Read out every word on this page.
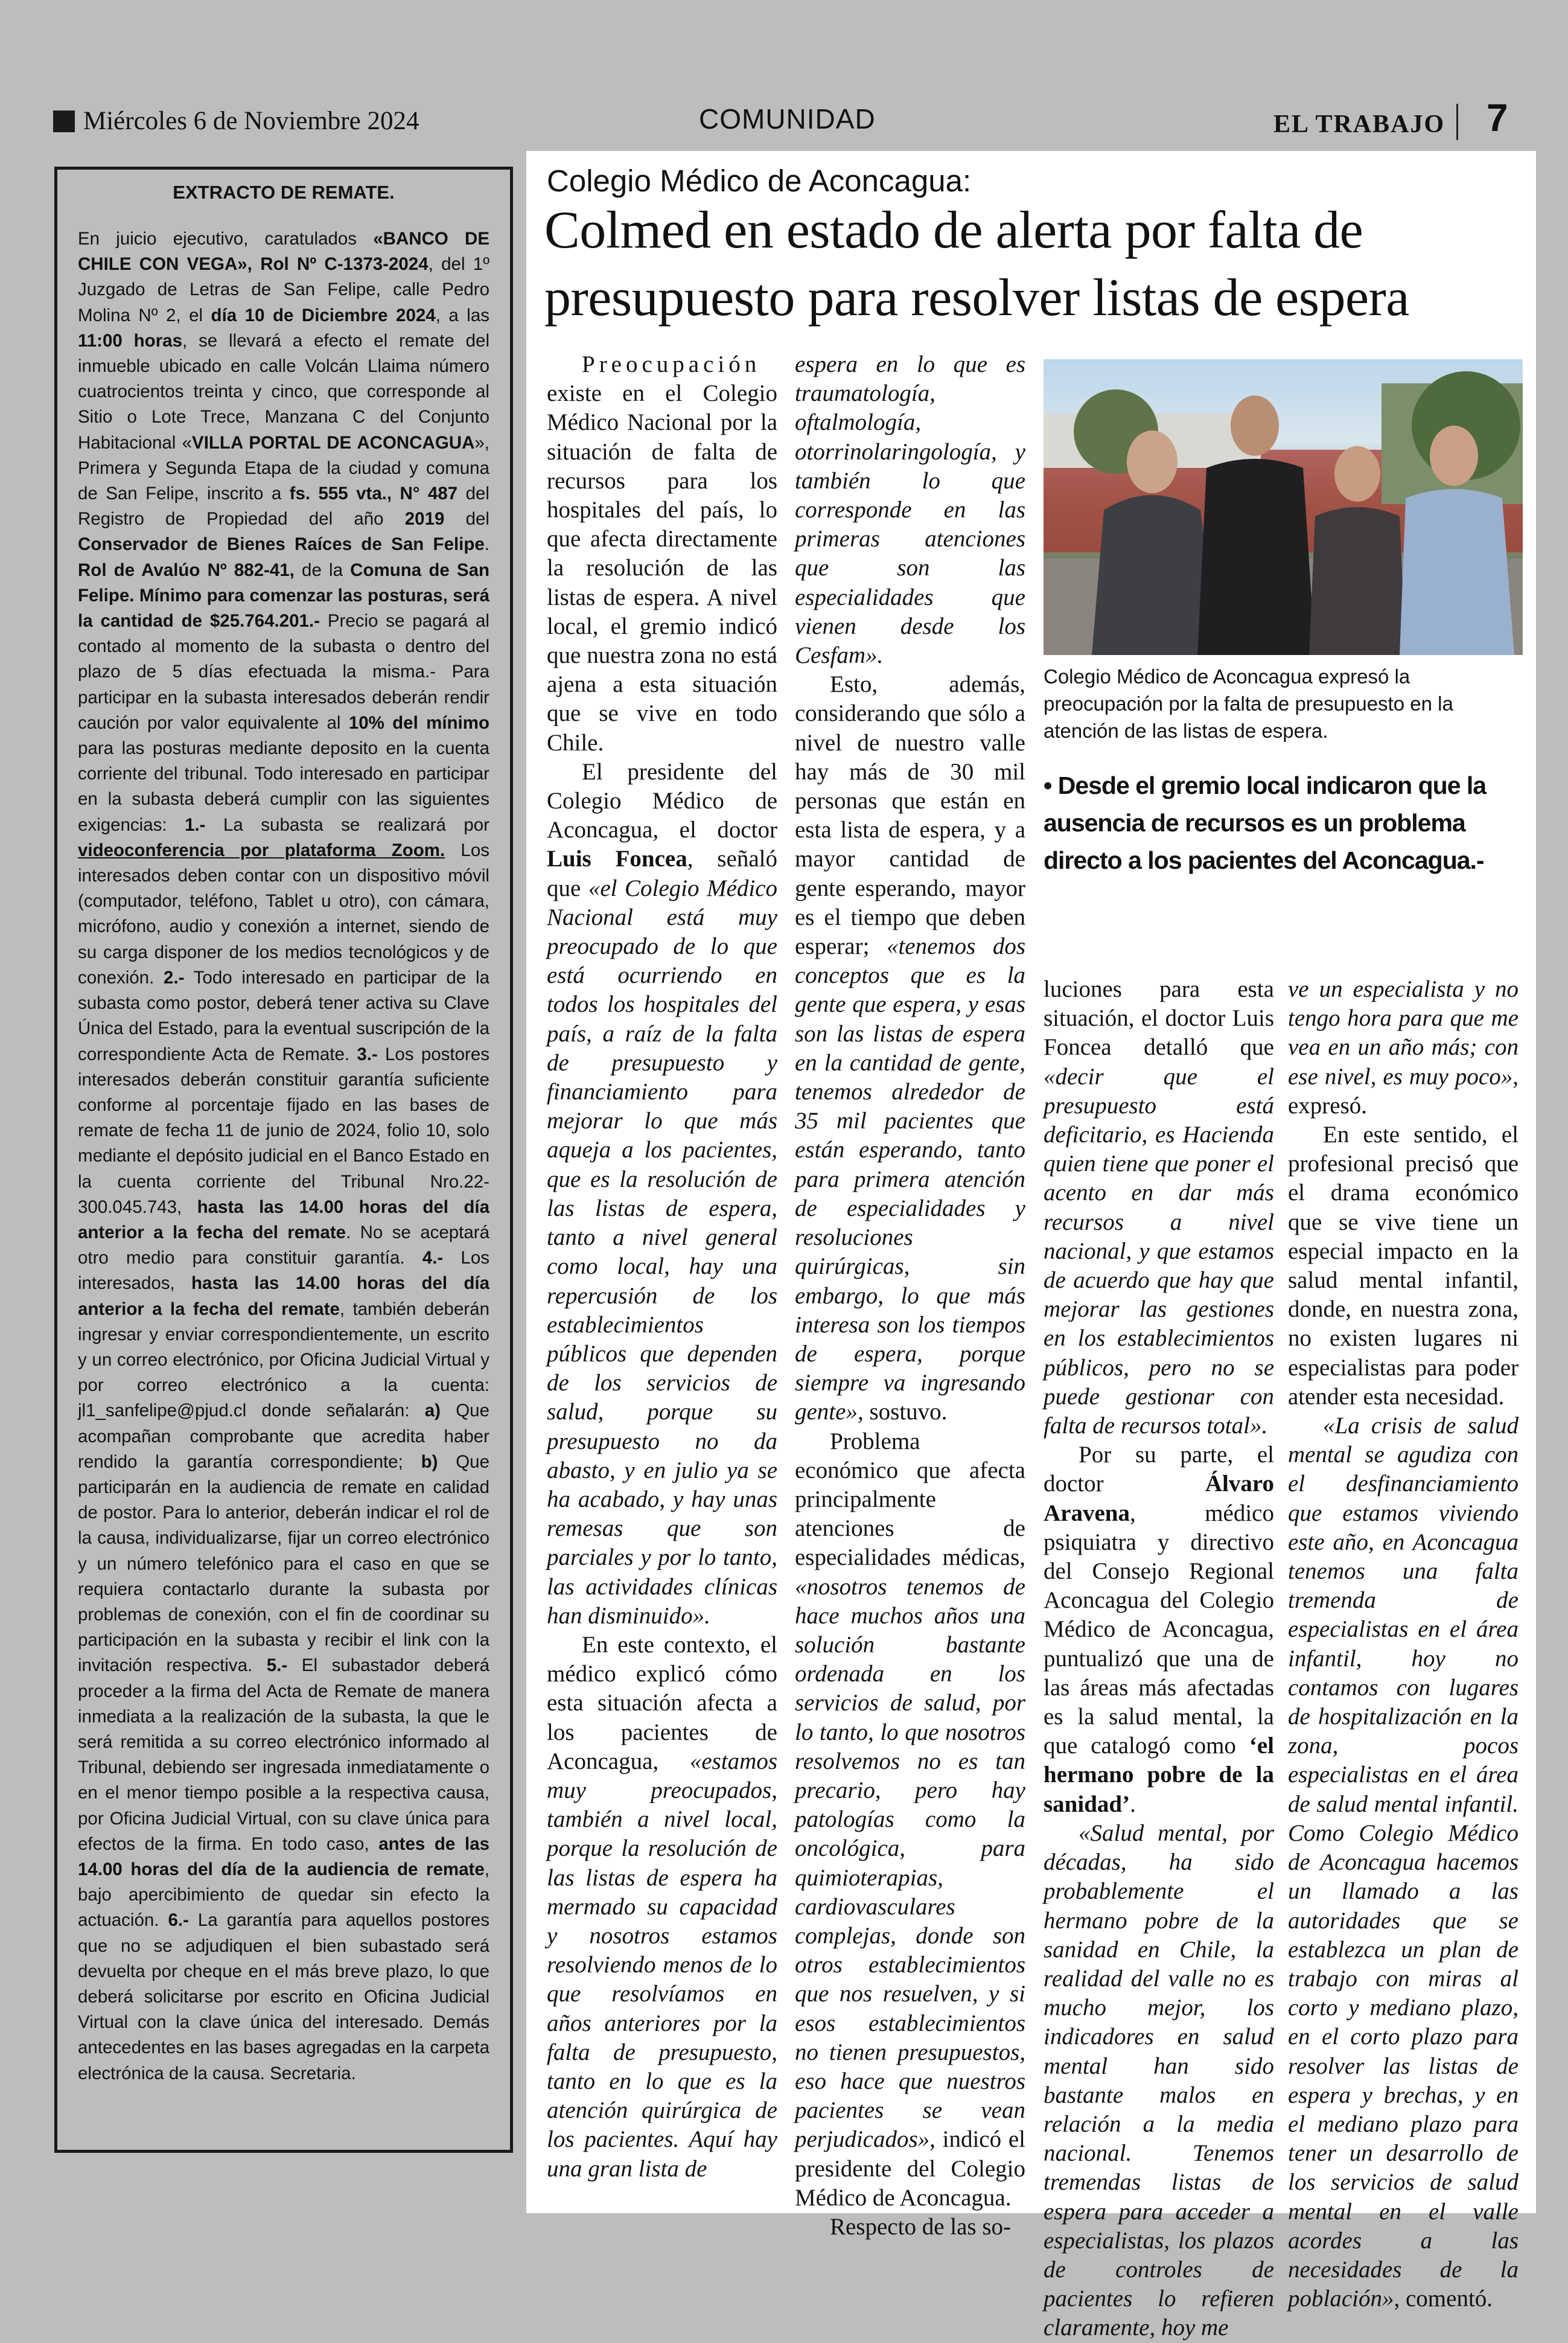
Miércoles 6 de Noviembre 2024	COMUNIDAD	EL TRABAJO 7
EXTRACTO DE REMATE.
En juicio ejecutivo, caratulados «BANCO DE CHILE CON VEGA», Rol Nº C-1373-2024, del 1º Juzgado de Letras de San Felipe, calle Pedro Molina Nº 2, el día 10 de Diciembre 2024, a las 11:00 horas, se llevará a efecto el remate del inmueble ubicado en calle Volcán Llaima número cuatrocientos treinta y cinco, que corresponde al Sitio o Lote Trece, Manzana C del Conjunto Habitacional «VILLA PORTAL DE ACONCAGUA», Primera y Segunda Etapa de la ciudad y comuna de San Felipe, inscrito a fs. 555 vta., N° 487 del Registro de Propiedad del año 2019 del Conservador de Bienes Raíces de San Felipe. Rol de Avalúo Nº 882-41, de la Comuna de San Felipe. Mínimo para comenzar las posturas, será la cantidad de $25.764.201.- Precio se pagará al contado al momento de la subasta o dentro del plazo de 5 días efectuada la misma.- Para participar en la subasta interesados deberán rendir caución por valor equivalente al 10% del mínimo para las posturas mediante deposito en la cuenta corriente del tribunal. Todo interesado en participar en la subasta deberá cumplir con las siguientes exigencias: 1.- La subasta se realizará por videoconferencia por plataforma Zoom. Los interesados deben contar con un dispositivo móvil (computador, teléfono, Tablet u otro), con cámara, micrófono, audio y conexión a internet, siendo de su carga disponer de los medios tecnológicos y de conexión. 2.- Todo interesado en participar de la subasta como postor, deberá tener activa su Clave Única del Estado, para la eventual suscripción de la correspondiente Acta de Remate. 3.- Los postores interesados deberán constituir garantía suficiente conforme al porcentaje fijado en las bases de remate de fecha 11 de junio de 2024, folio 10, solo mediante el depósito judicial en el Banco Estado en la cuenta corriente del Tribunal Nro.22-300.045.743, hasta las 14.00 horas del día anterior a la fecha del remate. No se aceptará otro medio para constituir garantía. 4.- Los interesados, hasta las 14.00 horas del día anterior a la fecha del remate, también deberán ingresar y enviar correspondientemente, un escrito y un correo electrónico, por Oficina Judicial Virtual y por correo electrónico a la cuenta: jl1_sanfelipe@pjud.cl donde señalarán: a) Que acompañan comprobante que acredita haber rendido la garantía correspondiente; b) Que participarán en la audiencia de remate en calidad de postor. Para lo anterior, deberán indicar el rol de la causa, individualizarse, fijar un correo electrónico y un número telefónico para el caso en que se requiera contactarlo durante la subasta por problemas de conexión, con el fin de coordinar su participación en la subasta y recibir el link con la invitación respectiva. 5.- El subastador deberá proceder a la firma del Acta de Remate de manera inmediata a la realización de la subasta, la que le será remitida a su correo electrónico informado al Tribunal, debiendo ser ingresada inmediatamente o en el menor tiempo posible a la respectiva causa, por Oficina Judicial Virtual, con su clave única para efectos de la firma. En todo caso, antes de las 14.00 horas del día de la audiencia de remate, bajo apercibimiento de quedar sin efecto la actuación. 6.- La garantía para aquellos postores que no se adjudiquen el bien subastado será devuelta por cheque en el más breve plazo, lo que deberá solicitarse por escrito en Oficina Judicial Virtual con la clave única del interesado. Demás antecedentes en las bases agregadas en la carpeta electrónica de la causa. Secretaria.
Colegio Médico de Aconcagua:
Colmed en estado de alerta por falta de presupuesto para resolver listas de espera

Preocupación existe en el Colegio Médico Nacional por la situación de falta de recursos para los hospitales del país, lo que afecta directamente la resolución de las listas de espera. A nivel local, el gremio indicó que nuestra zona no está ajena a esta situación que se vive en todo Chile.

El presidente del Colegio Médico de Aconcagua, el doctor Luis Foncea, señaló que «el Colegio Médico Nacional está muy preocupado de lo que está ocurriendo en todos los hospitales del país, a raíz de la falta de presupuesto y financiamiento para mejorar lo que más aqueja a los pacientes, que es la resolución de las listas de espera, tanto a nivel general como local, hay una repercusión de los establecimientos públicos que dependen de los servicios de salud, porque su presupuesto no da abasto, y en julio ya se ha acabado, y hay unas remesas que son parciales y por lo tanto, las actividades clínicas han disminuido».

En este contexto, el médico explicó cómo esta situación afecta a los pacientes de Aconcagua, «estamos muy preocupados, también a nivel local, porque la resolución de las listas de espera ha mermado su capacidad y nosotros estamos resolviendo menos de lo que resolvíamos en años anteriores por la falta de presupuesto, tanto en lo que es la atención quirúrgica de los pacientes. Aquí hay una gran lista de

espera en lo que es traumatología, oftalmología, otorrinolaringología, y también lo que corresponde en las primeras atenciones que son las especialidades que vienen desde los Cesfam».

Esto, además, considerando que sólo a nivel de nuestro valle hay más de 30 mil personas que están en esta lista de espera, y a mayor cantidad de gente esperando, mayor es el tiempo que deben esperar; «tenemos dos conceptos que es la gente que espera, y esas son las listas de espera en la cantidad de gente, tenemos alrededor de 35 mil pacientes que están esperando, tanto para primera atención de especialidades y resoluciones quirúrgicas, sin embargo, lo que más interesa son los tiempos de espera, porque siempre va ingresando gente», sostuvo.

Problema económico que afecta principalmente atenciones de especialidades médicas, «nosotros tenemos de hace muchos años una solución bastante ordenada en los servicios de salud, por lo tanto, lo que nosotros resolvemos no es tan precario, pero hay patologías como la oncológica, para quimioterapias, cardiovasculares complejas, donde son otros establecimientos que nos resuelven, y si esos establecimientos no tienen presupuestos, eso hace que nuestros pacientes se vean perjudicados», indicó el presidente del Colegio Médico de Aconcagua.

Respecto de las so-

Colegio Médico de Aconcagua expresó la preocupación por la falta de presupuesto en la atención de las listas de espera.
• Desde el gremio local indicaron que la ausencia de recursos es un problema directo a los pacientes del Aconcagua.-

luciones para esta situación, el doctor Luis Foncea detalló que «decir que el presupuesto está deficitario, es Hacienda quien tiene que poner el acento en dar más recursos a nivel nacional, y que estamos de acuerdo que hay que mejorar las gestiones en los establecimientos públicos, pero no se puede gestionar con falta de recursos total».

Por su parte, el doctor Álvaro Aravena, médico psiquiatra y directivo del Consejo Regional Aconcagua del Colegio Médico de Aconcagua, puntualizó que una de las áreas más afectadas es la salud mental, la que catalogó como ‘el hermano pobre de la sanidad’.

«Salud mental, por décadas, ha sido probablemente el hermano pobre de la sanidad en Chile, la realidad del valle no es mucho mejor, los indicadores en salud mental han sido bastante malos en relación a la media nacional. Tenemos tremendas listas de espera para acceder a especialistas, los plazos de controles de pacientes lo refieren claramente, hoy me

ve un especialista y no tengo hora para que me vea en un año más; con ese nivel, es muy poco», expresó.

En este sentido, el profesional precisó que el drama económico que se vive tiene un especial impacto en la salud mental infantil, donde, en nuestra zona, no existen lugares ni especialistas para poder atender esta necesidad.

«La crisis de salud mental se agudiza con el desfinanciamiento que estamos viviendo este año, en Aconcagua tenemos una falta tremenda de especialistas en el área infantil, hoy no contamos con lugares de hospitalización en la zona, pocos especialistas en el área de salud mental infantil. Como Colegio Médico de Aconcagua hacemos un llamado a las autoridades que se establezca un plan de trabajo con miras al corto y mediano plazo, en el corto plazo para resolver las listas de espera y brechas, y en el mediano plazo para tener un desarrollo de los servicios de salud mental en el valle acordes a las necesidades de la población», comentó.
